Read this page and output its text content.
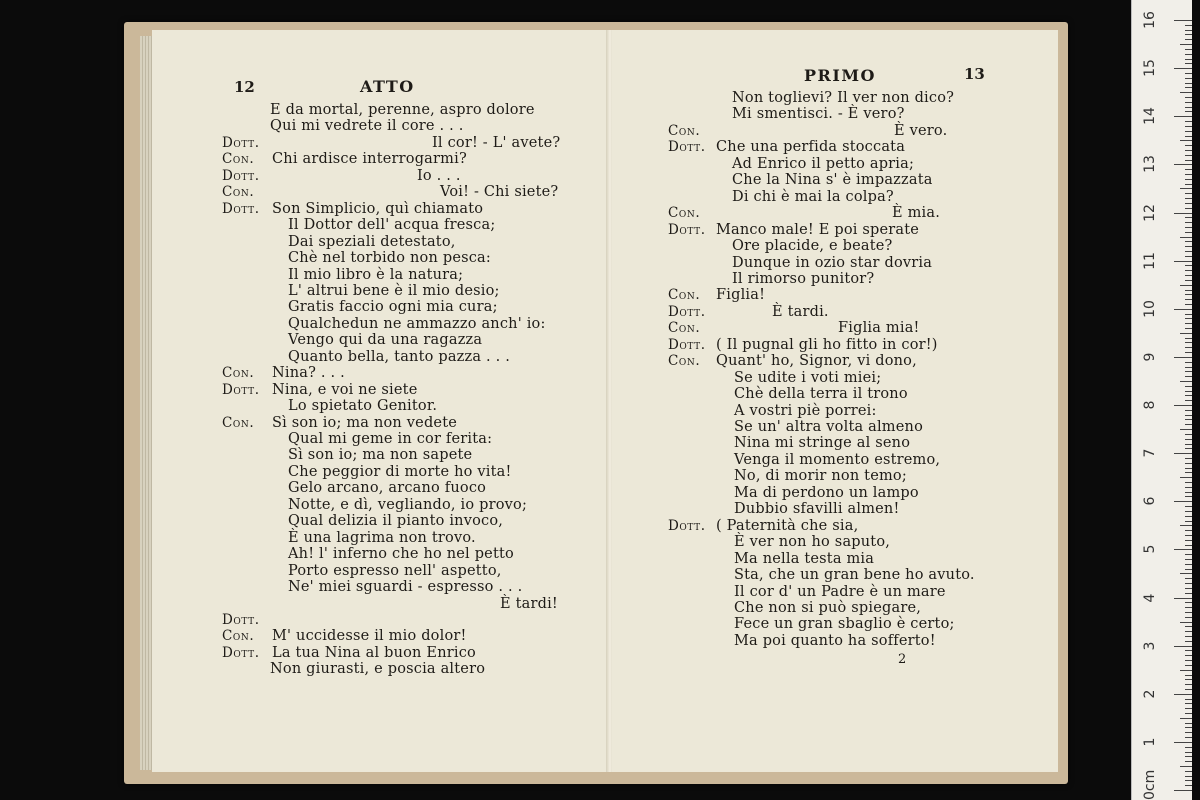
12	ATTO
E da mortal, perenne, aspro dolore
Qui mi vedrete il core . . .
Dott.	Il cor! - L' avete?
Con. Chi ardisce interrogarmi?
Dott.	Io . . .
Con.	Voi! - Chi siete?
Dott. Son Simplicio, quì chiamato
Il Dottor dell' acqua fresca;
Dai speziali detestato,
Chè nel torbido non pesca:
Il mio libro è la natura;
L' altrui bene è il mio desio;
Gratis faccio ogni mia cura;
Qualchedun ne ammazzo anch' io:
Vengo qui da una ragazza
Quanto bella, tanto pazza . . .
Con. Nina? . . .
Dott. Nina, e voi ne siete
Lo spietato Genitor.
Con. Sì son io; ma non vedete
Qual mi geme in cor ferita:
Sì son io; ma non sapete
Che peggior di morte ho vita!
Gelo arcano, arcano fuoco
Notte, e dì, vegliando, io provo;
Qual delizia il pianto invoco,
È una lagrima non trovo.
Ah! l' inferno che ho nel petto
Porto espresso nell' aspetto,
Ne' miei sguardi - espresso . . .
È tardi!
Dott.
Con. M' uccidesse il mio dolor!
Dott. La tua Nina al buon Enrico
Non giurasti, e poscia altero
PRIMO	13
Non toglievi? Il ver non dico?
Mi smentisci. - È vero?
Con.	È vero.
Dott. Che una perfida stoccata
Ad Enrico il petto apria;
Che la Nina s' è impazzata
Di chi è mai la colpa?
Con.	È mia.
Dott. Manco male! E poi sperate
Ore placide, e beate?
Dunque in ozio star dovria
Il rimorso punitor?
Con. Figlia!
Dott.	È tardi.
Con.	Figlia mia!
Dott. ( Il pugnal gli ho fitto in cor!)
Con. Quant' ho, Signor, vi dono,
Se udite i voti miei;
Chè della terra il trono
A vostri piè porrei:
Se un' altra volta almeno
Nina mi stringe al seno
Venga il momento estremo,
No, di morir non temo;
Ma di perdono un lampo
Dubbio sfavilli almen!
Dott. ( Paternità che sia,
È ver non ho saputo,
Ma nella testa mia
Sta, che un gran bene ho avuto.
Il cor d' un Padre è un mare
Che non si può spiegare,
Fece un gran sbaglio è certo;
Ma poi quanto ha sofferto!
2
16
15
14
13
12
11
10
9
8
7
6
5
4
3
2
1
0cm
